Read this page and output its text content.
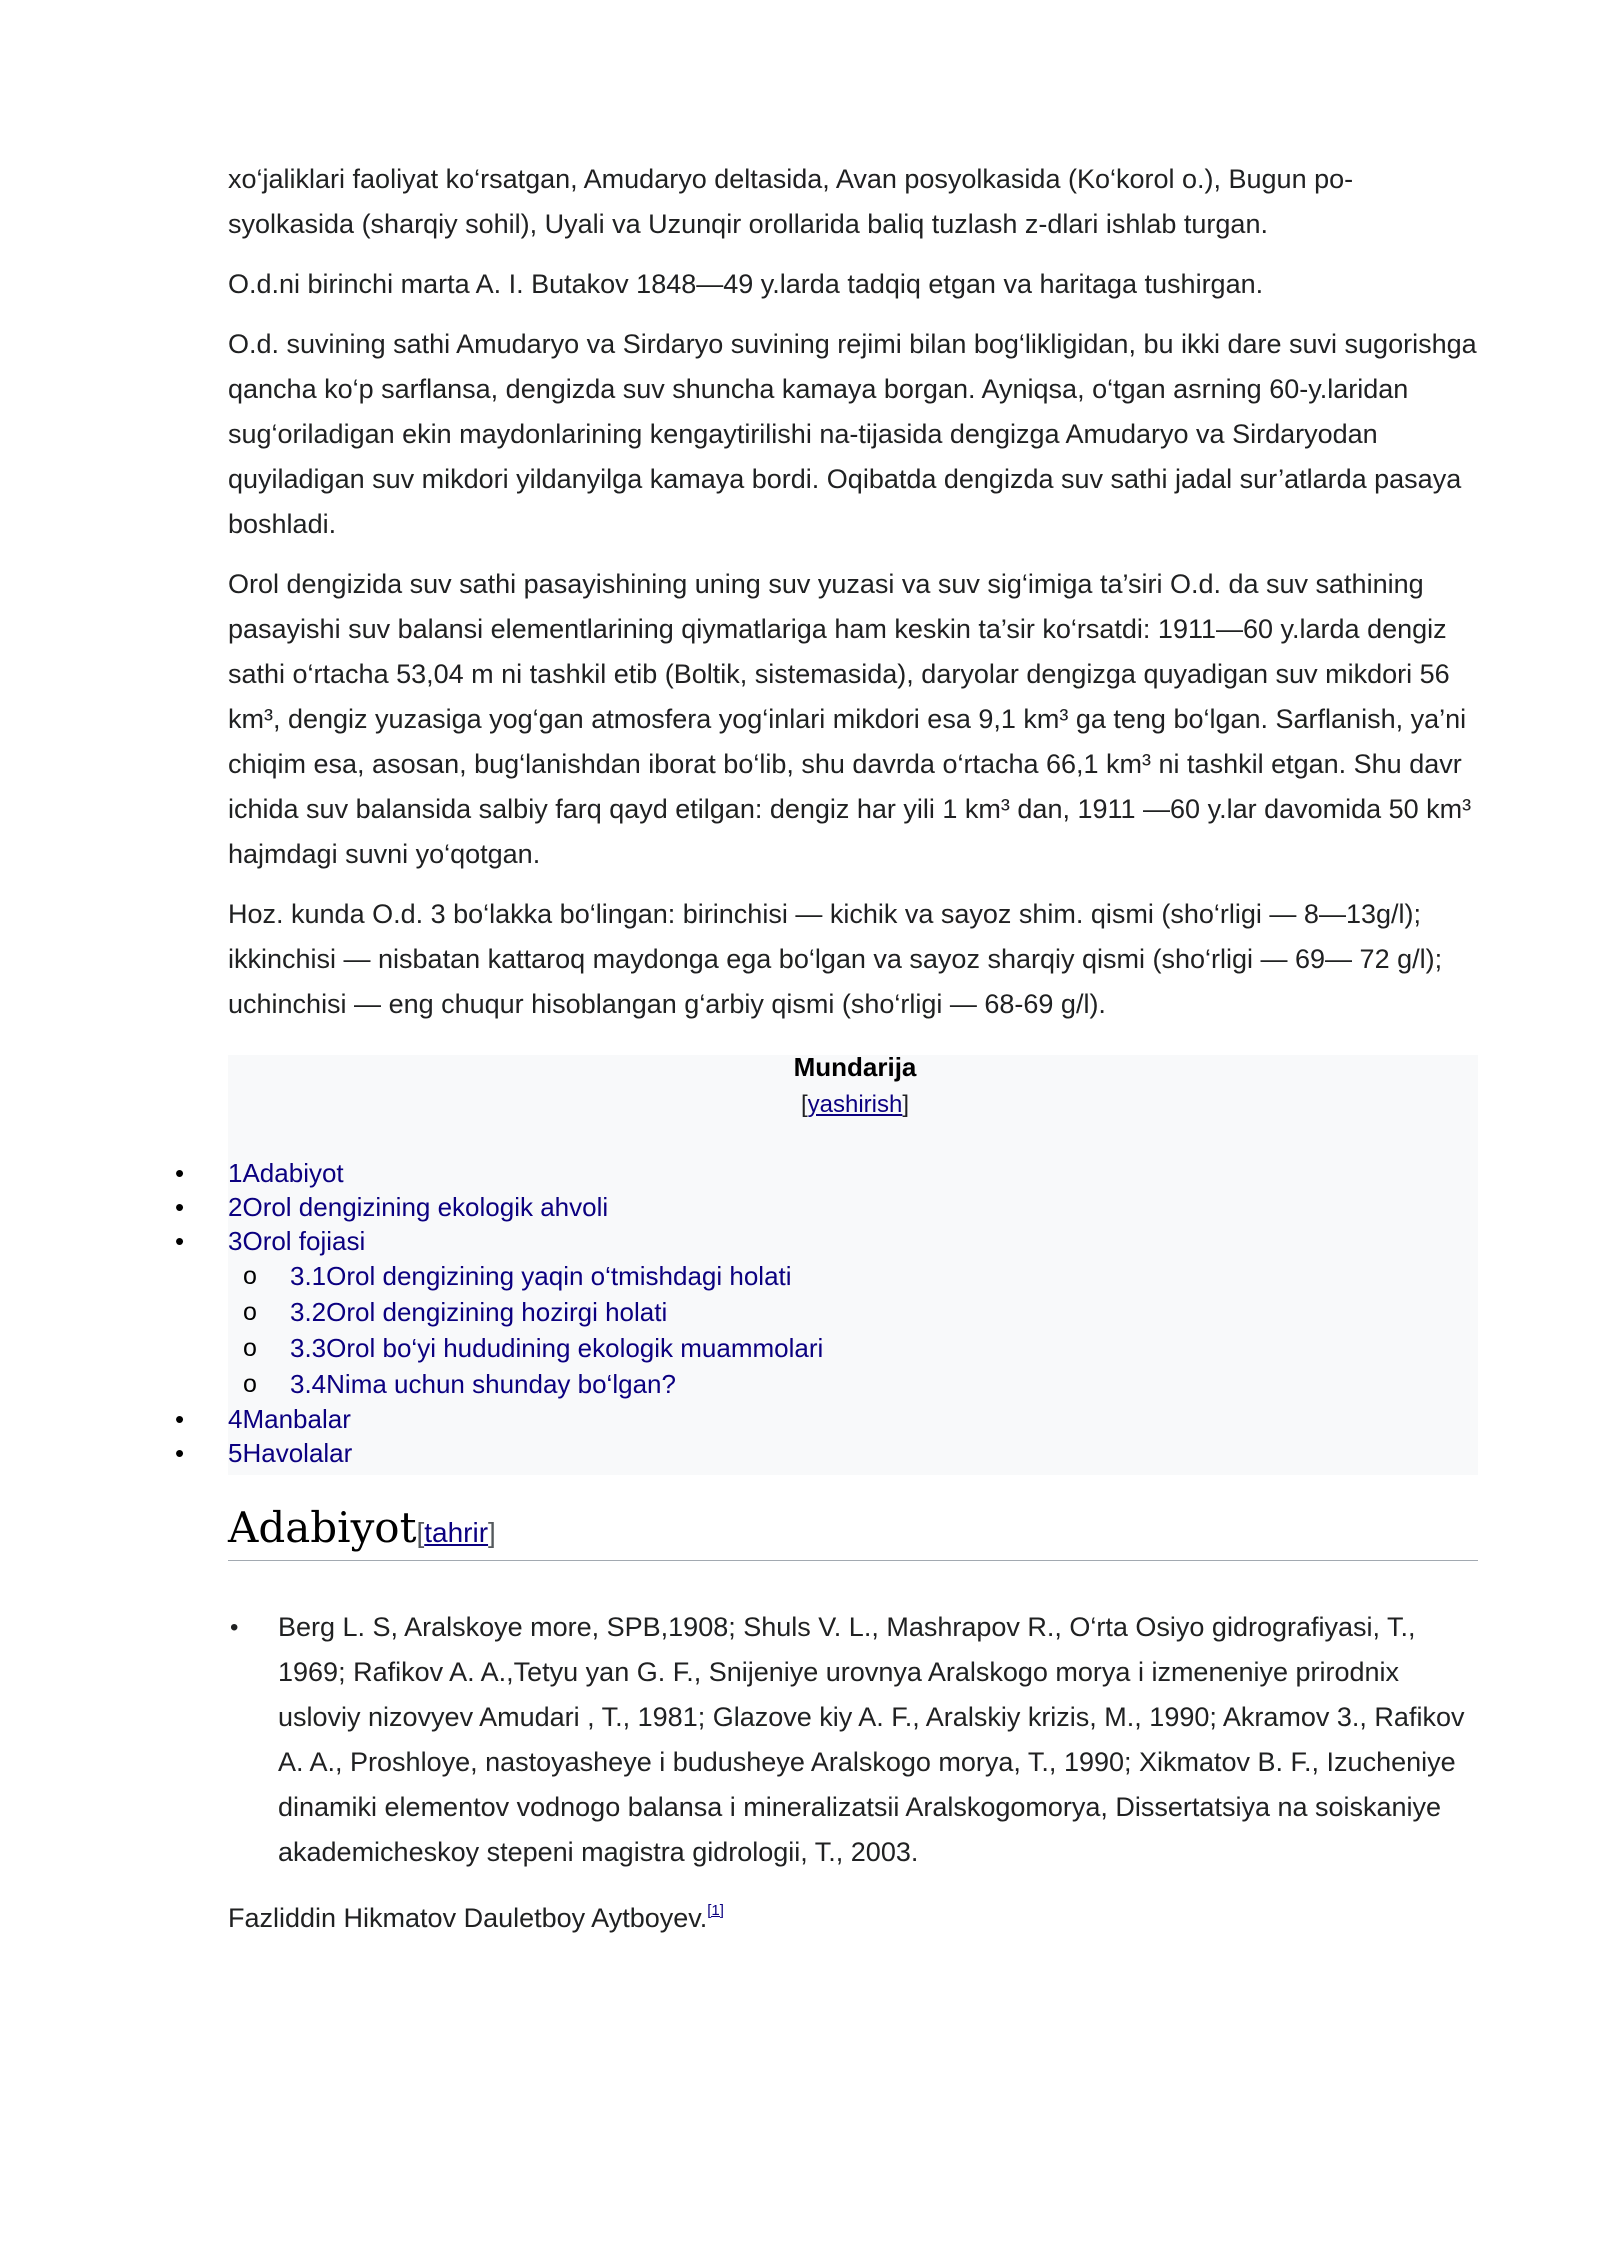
xo‘jaliklari faoliyat ko‘rsatgan, Amudaryo deltasida, Avan posyolkasida (Ko‘korol o.), Bugun po-syolkasida (sharqiy sohil), Uyali va Uzunqir orollarida baliq tuzlash z-dlari ishlab turgan.

O.d.ni birinchi marta A. I. Butakov 1848—49 y.larda tadqiq etgan va haritaga tushirgan.

O.d. suvining sathi Amudaryo va Sirdaryo suvining rejimi bilan bog‘likligidan, bu ikki dare suvi sugorishga qancha ko‘p sarflansa, dengizda suv shuncha kamaya borgan. Ayniqsa, o‘tgan asrning 60-y.laridan sug‘oriladigan ekin maydonlarining kengaytirilishi na-tijasida dengizga Amudaryo va Sirdaryodan quyiladigan suv mikdori yildanyilga kamaya bordi. Oqibatda dengizda suv sathi jadal sur’atlarda pasaya boshladi.

Orol dengizida suv sathi pasayishining uning suv yuzasi va suv sig‘imiga ta’siri O.d. da suv sathining pasayishi suv balansi elementlarining qiymatlariga ham keskin ta’sir ko‘rsatdi: 1911—60 y.larda dengiz sathi o‘rtacha 53,04 m ni tashkil etib (Boltik, sistemasida), daryolar dengizga quyadigan suv mikdori 56 km³, dengiz yuzasiga yog‘gan atmosfera yog‘inlari mikdori esa 9,1 km³ ga teng bo‘lgan. Sarflanish, ya’ni chiqim esa, asosan, bug‘lanishdan iborat bo‘lib, shu davrda o‘rtacha 66,1 km³ ni tashkil etgan. Shu davr ichida suv balansida salbiy farq qayd etilgan: dengiz har yili 1 km³ dan, 1911 —60 y.lar davomida 50 km³ hajmdagi suvni yo‘qotgan.

Hoz. kunda O.d. 3 bo‘lakka bo‘lingan: birinchisi — kichik va sayoz shim. qismi (sho‘rligi — 8—13g/l); ikkinchisi — nisbatan kattaroq maydonga ega bo‘lgan va sayoz sharqiy qismi (sho‘rligi — 69— 72 g/l); uchinchisi — eng chuqur hisoblangan g‘arbiy qismi (sho‘rligi — 68-69 g/l).

Mundarija
[yashirish]
• 1Adabiyot
• 2Orol dengizining ekologik ahvoli
• 3Orol fojiasi
o 3.1Orol dengizining yaqin o‘tmishdagi holati
o 3.2Orol dengizining hozirgi holati
o 3.3Orol bo‘yi hududining ekologik muammolari
o 3.4Nima uchun shunday bo‘lgan?
• 4Manbalar
• 5Havolalar
Adabiyot[tahrir]
• Berg L. S, Aralskoye more, SPB,1908; Shuls V. L., Mashrapov R., O‘rta Osiyo gidrografiyasi, T., 1969; Rafikov A. A.,Tetyu yan G. F., Snijeniye urovnya Aralskogo morya i izmeneniye prirodnix usloviy nizovyev Amudari , T., 1981; Glazove kiy A. F., Aralskiy krizis, M., 1990; Akramov 3., Rafikov A. A., Proshloye, nastoyasheye i budusheye Aralskogo morya, T., 1990; Xikmatov B. F., Izucheniye dinamiki elementov vodnogo balansa i mineralizatsii Aralskogomorya, Dissertatsiya na soiskaniye akademicheskoy stepeni magistra gidrologii, T., 2003.
Fazliddin Hikmatov Dauletboy Aytboyev.[1]
